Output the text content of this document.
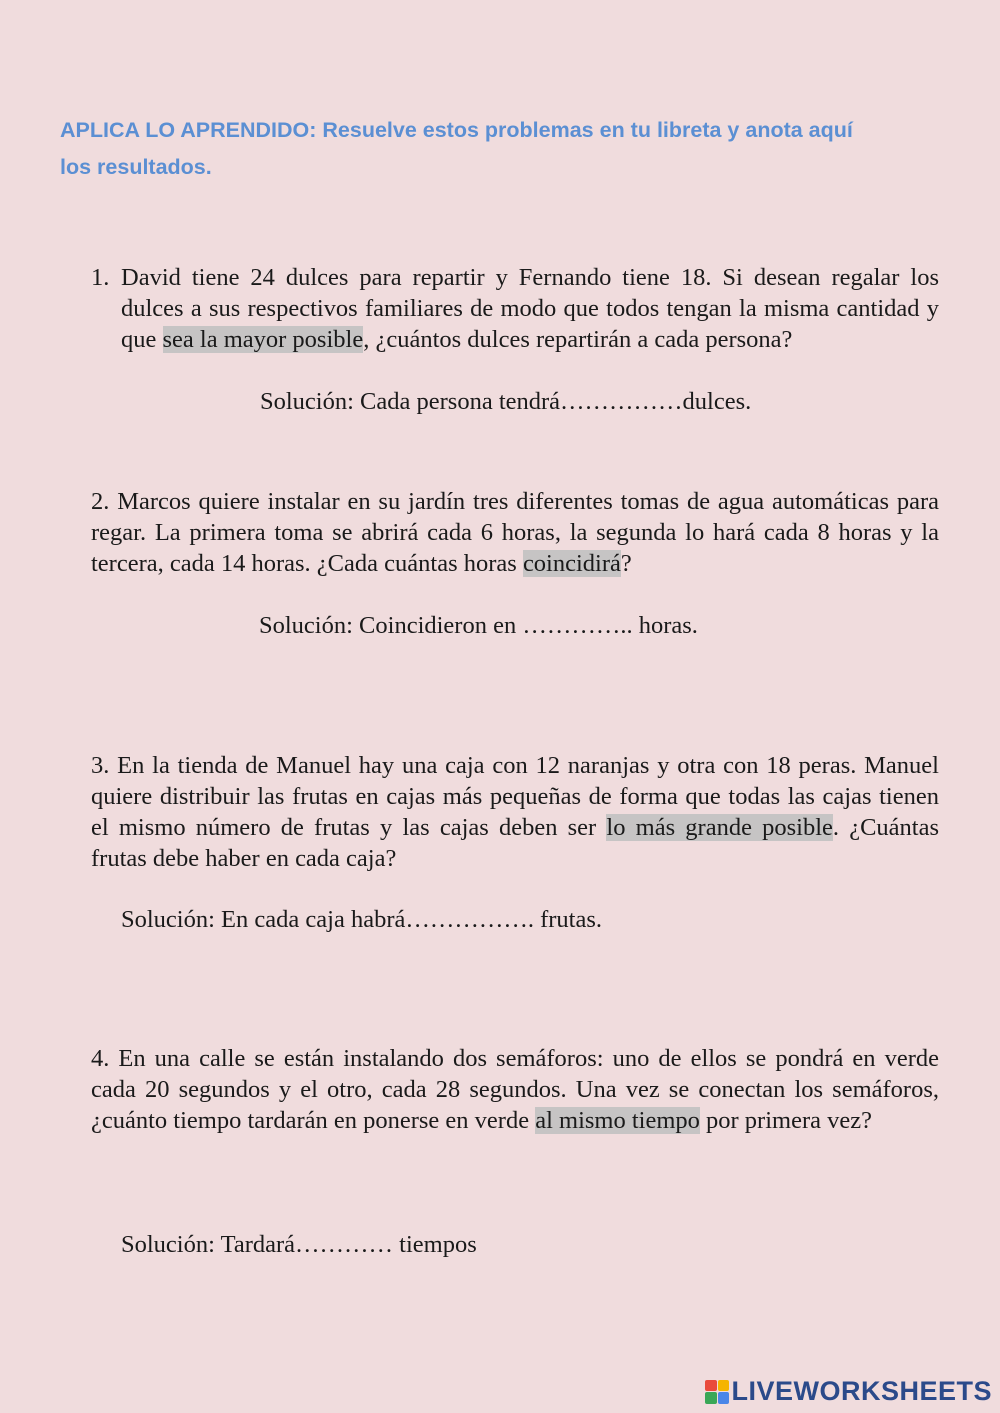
APLICA LO APRENDIDO: Resuelve estos problemas en tu libreta y anota aquí
los resultados.
1. David tiene 24 dulces para repartir y Fernando tiene 18. Si desean regalar los dulces a sus respectivos familiares de modo que todos tengan la misma cantidad y que sea la mayor posible, ¿cuántos dulces repartirán a cada persona?
Solución: Cada persona tendrá……………dulces.
2. Marcos quiere instalar en su jardín tres diferentes tomas de agua automáticas para regar. La primera toma se abrirá cada 6 horas, la segunda lo hará cada 8 horas y la tercera, cada 14 horas. ¿Cada cuántas horas coincidirá?
Solución: Coincidieron en ………….. horas.
3. En la tienda de Manuel hay una caja con 12 naranjas y otra con 18 peras. Manuel quiere distribuir las frutas en cajas más pequeñas de forma que todas las cajas tienen el mismo número de frutas y las cajas deben ser lo más grande posible. ¿Cuántas frutas debe haber en cada caja?
Solución: En cada caja habrá……………. frutas.
4. En una calle se están instalando dos semáforos: uno de ellos se pondrá en verde cada 20 segundos y el otro, cada 28 segundos. Una vez se conectan los semáforos, ¿cuánto tiempo tardarán en ponerse en verde al mismo tiempo por primera vez?
Solución: Tardará………… tiempos
LIVEWORKSHEETS
